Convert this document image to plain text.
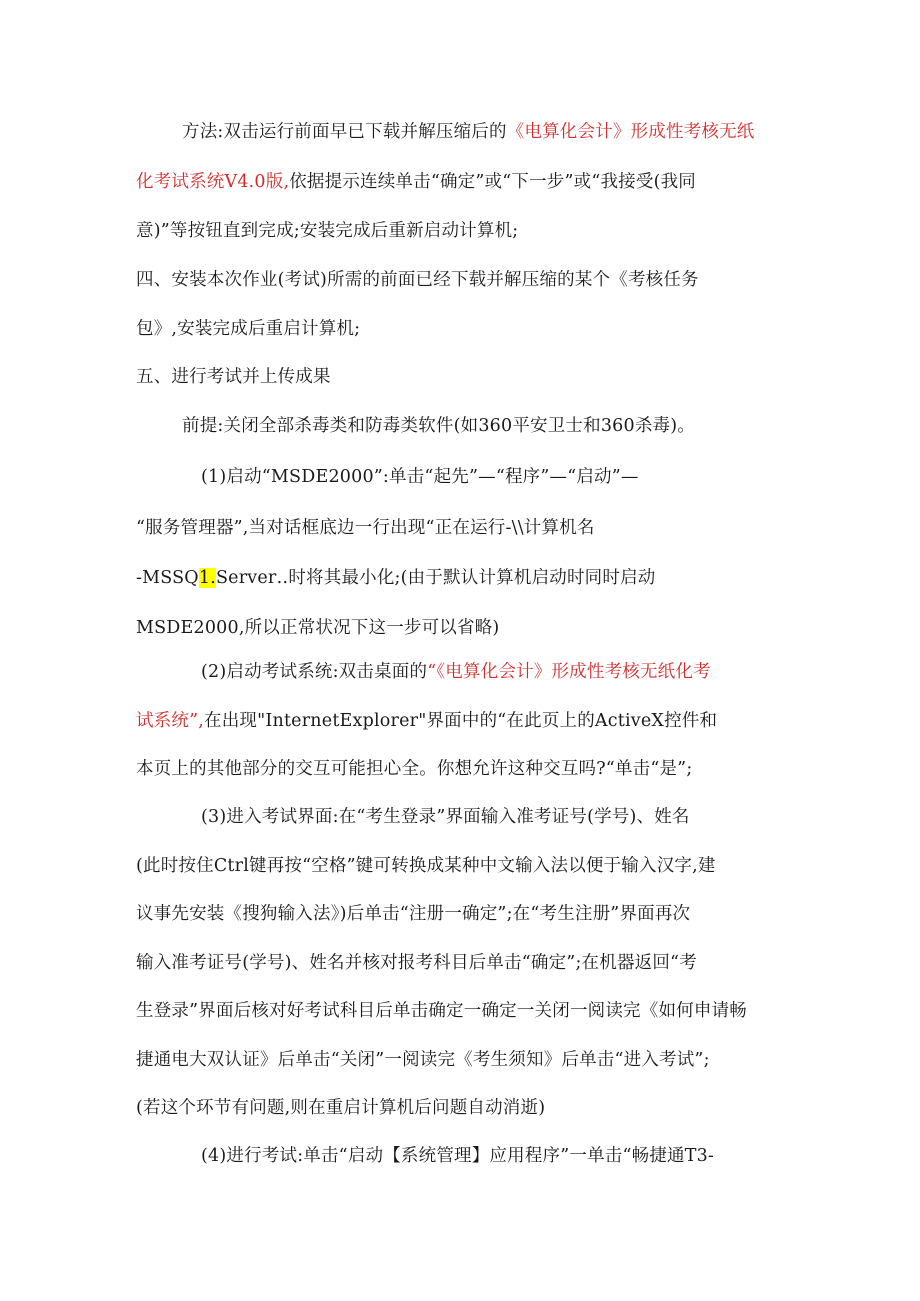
方法:双击运行前面早已下载并解压缩后的《电算化会计》形成性考核无纸
化考试系统V4.0版,依据提示连续单击“确定”或“下一步”或“我接受(我同
意)”等按钮直到完成;安装完成后重新启动计算机;
四、安装本次作业(考试)所需的前面已经下载并解压缩的某个《考核任务
包》,安装完成后重启计算机;
五、进行考试并上传成果
前提:关闭全部杀毒类和防毒类软件(如360平安卫士和360杀毒)。
(1)启动“MSDE2000”:单击“起先”—“程序”—“启动”—
“服务管理器”,当对话框底边一行出现“正在运行-\\计算机名
-MSSQ1.Server‥时将其最小化;(由于默认计算机启动时同时启动
MSDE2000,所以正常状况下这一步可以省略)
(2)启动考试系统:双击桌面的“《电算化会计》形成性考核无纸化考
试系统”,在出现"InternetExplorer"界面中的“在此页上的ActiveX控件和
本页上的其他部分的交互可能担心全。你想允许这种交互吗?“单击“是”;
(3)进入考试界面:在“考生登录”界面输入准考证号(学号)、姓名
(此时按住Ctrl键再按“空格”键可转换成某种中文输入法以便于输入汉字,建
议事先安装《搜狗输入法》)后单击“注册一确定”;在“考生注册”界面再次
输入准考证号(学号)、姓名并核对报考科目后单击“确定”;在机器返回“考
生登录”界面后核对好考试科目后单击确定一确定一关闭一阅读完《如何申请畅
捷通电大双认证》后单击“关闭”一阅读完《考生须知》后单击“进入考试”;
(若这个环节有问题,则在重启计算机后问题自动消逝)
(4)进行考试:单击“启动【系统管理】应用程序”一单击“畅捷通T3-
